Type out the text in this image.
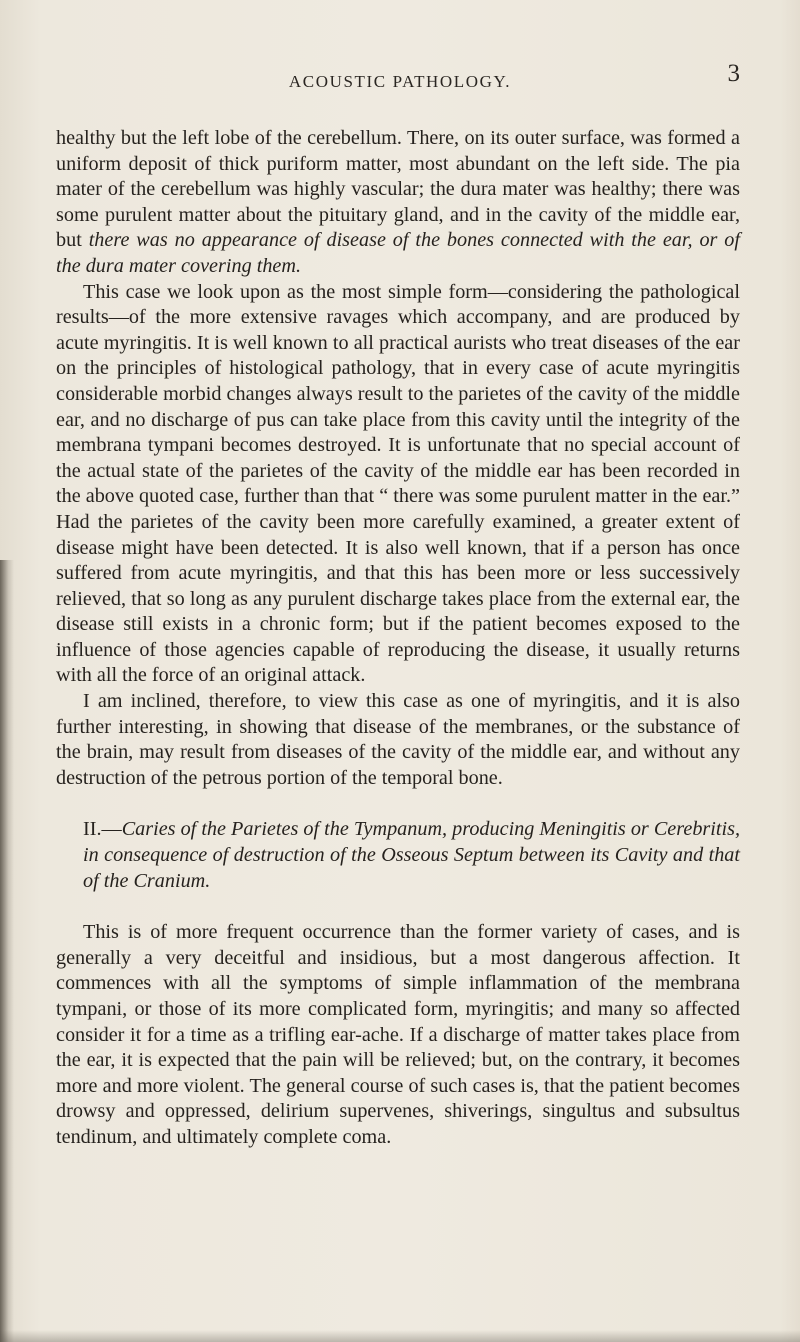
ACOUSTIC PATHOLOGY.	3

healthy but the left lobe of the cerebellum. There, on its outer surface, was formed a uniform deposit of thick puriform matter, most abundant on the left side. The pia mater of the cerebellum was highly vascular; the dura mater was healthy; there was some purulent matter about the pituitary gland, and in the cavity of the middle ear, but there was no appearance of disease of the bones connected with the ear, or of the dura mater covering them.

This case we look upon as the most simple form—considering the pathological results—of the more extensive ravages which accompany, and are produced by acute myringitis. It is well known to all practical aurists who treat diseases of the ear on the principles of histological pathology, that in every case of acute myringitis considerable morbid changes always result to the parietes of the cavity of the middle ear, and no discharge of pus can take place from this cavity until the integrity of the membrana tympani becomes destroyed. It is unfortunate that no special account of the actual state of the parietes of the cavity of the middle ear has been recorded in the above quoted case, further than that “ there was some purulent matter in the ear.” Had the parietes of the cavity been more carefully examined, a greater extent of disease might have been detected. It is also well known, that if a person has once suffered from acute myringitis, and that this has been more or less successively relieved, that so long as any purulent discharge takes place from the external ear, the disease still exists in a chronic form; but if the patient becomes exposed to the influence of those agencies capable of reproducing the disease, it usually returns with all the force of an original attack.

I am inclined, therefore, to view this case as one of myringitis, and it is also further interesting, in showing that disease of the membranes, or the substance of the brain, may result from diseases of the cavity of the middle ear, and without any destruction of the petrous portion of the temporal bone.

II.—Caries of the Parietes of the Tympanum, producing Meningitis or Cerebritis, in consequence of destruction of the Osseous Septum between its Cavity and that of the Cranium.

This is of more frequent occurrence than the former variety of cases, and is generally a very deceitful and insidious, but a most dangerous affection. It commences with all the symptoms of simple inflammation of the membrana tympani, or those of its more complicated form, myringitis; and many so affected consider it for a time as a trifling ear-ache. If a discharge of matter takes place from the ear, it is expected that the pain will be relieved; but, on the contrary, it becomes more and more violent. The general course of such cases is, that the patient becomes drowsy and oppressed, delirium supervenes, shiverings, singultus and subsultus tendinum, and ultimately complete coma.
